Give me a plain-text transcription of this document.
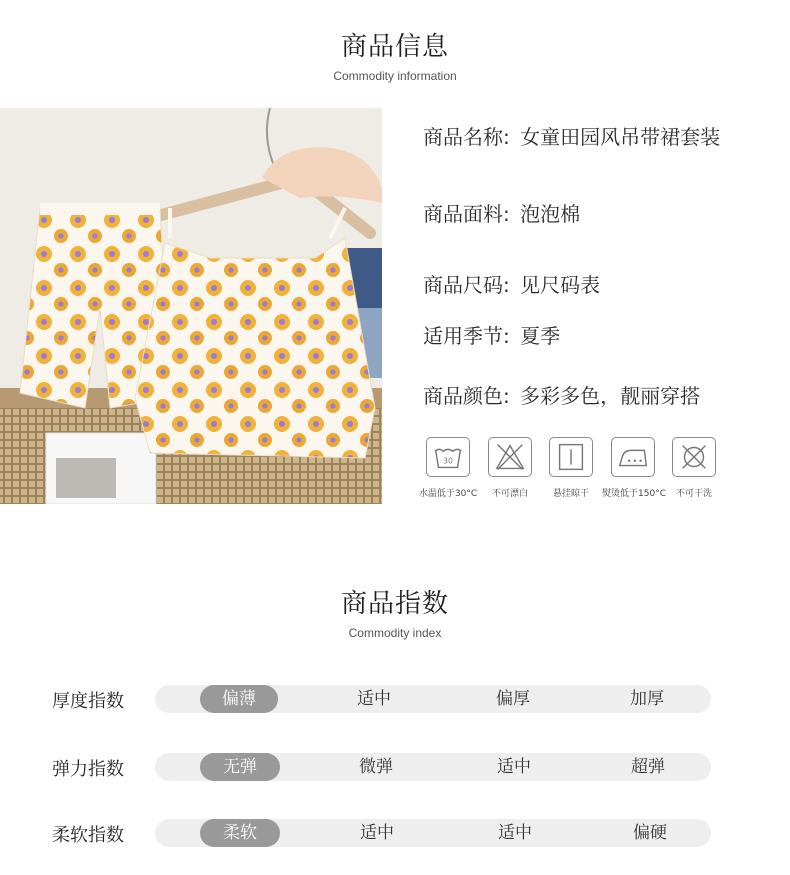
商品信息
Commodity information
商品名称: 女童田园风吊带裙套装
商品面料: 泡泡棉
商品尺码: 见尺码表
适用季节: 夏季
商品颜色: 多彩多色，靓丽穿搭
30
水温低于30°C	不可漂白	悬挂晾干	熨烫低于150°C	不可干洗
商品指数
Commodity index
厚度指数	偏薄	适中	偏厚	加厚
弹力指数	无弹	微弹	适中	超弹
柔软指数	柔软	适中	适中	偏硬
